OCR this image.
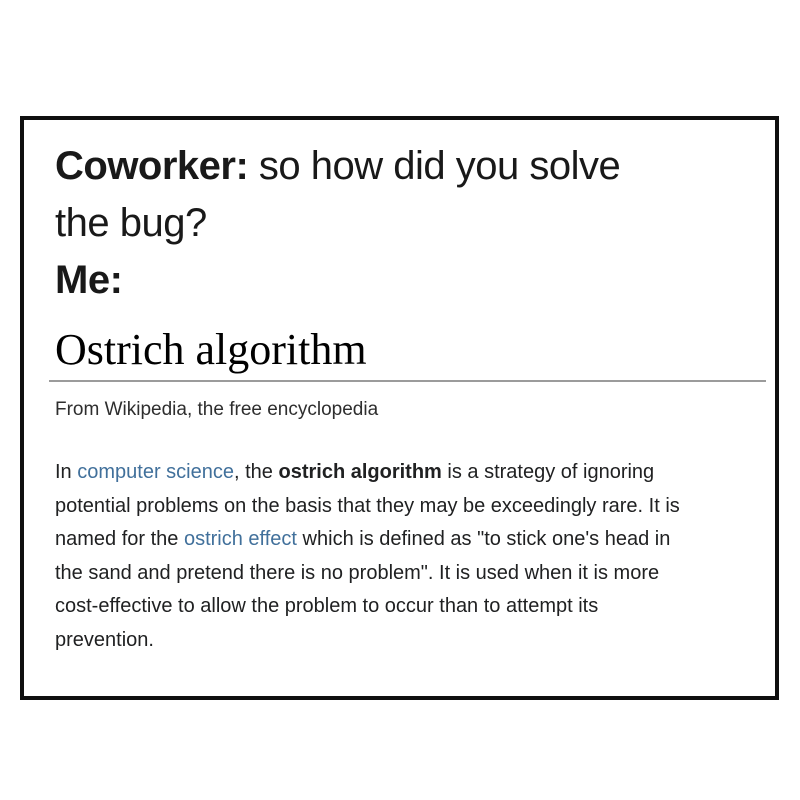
Coworker: so how did you solve
the bug?
Me:
Ostrich algorithm
From Wikipedia, the free encyclopedia
In computer science, the ostrich algorithm is a strategy of ignoring
potential problems on the basis that they may be exceedingly rare. It is
named for the ostrich effect which is defined as "to stick one's head in
the sand and pretend there is no problem". It is used when it is more
cost-effective to allow the problem to occur than to attempt its
prevention.
